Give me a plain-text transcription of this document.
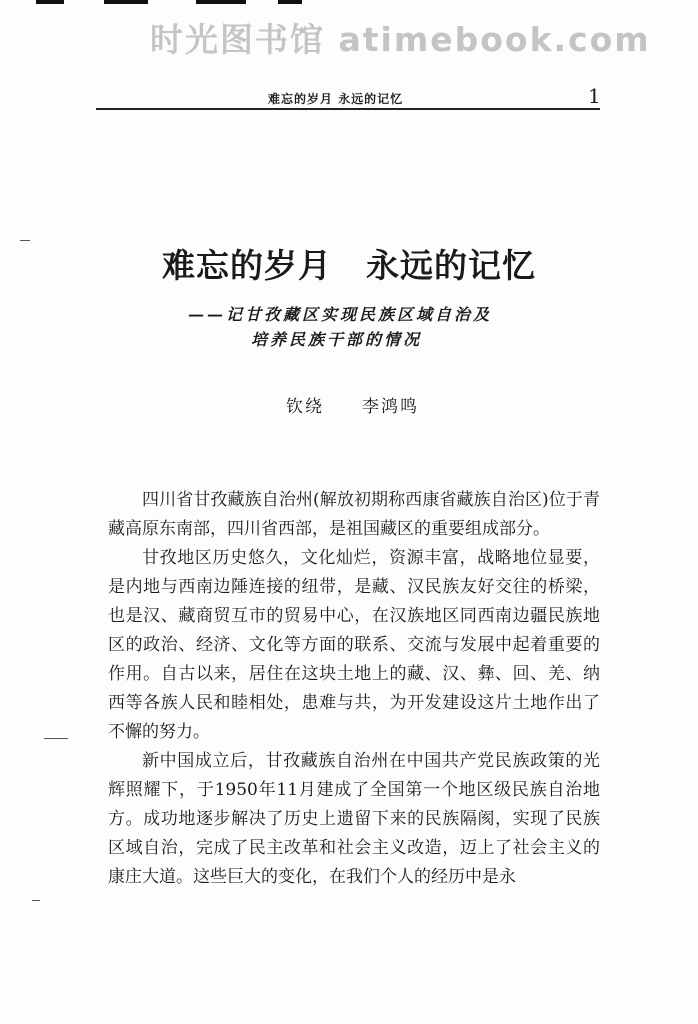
时光图书馆 atimebook.com
难忘的岁月 永远的记忆	1
难忘的岁月　永远的记忆
——记甘孜藏区实现民族区域自治及
培养民族干部的情况
钦绕　　李鸿鸣

四川省甘孜藏族自治州(解放初期称西康省藏族自治区)位于青藏高原东南部，四川省西部，是祖国藏区的重要组成部分。

甘孜地区历史悠久，文化灿烂，资源丰富，战略地位显要，是内地与西南边陲连接的纽带，是藏、汉民族友好交往的桥梁，也是汉、藏商贸互市的贸易中心，在汉族地区同西南边疆民族地区的政治、经济、文化等方面的联系、交流与发展中起着重要的作用。自古以来，居住在这块土地上的藏、汉、彝、回、羌、纳西等各族人民和睦相处，患难与共，为开发建设这片土地作出了不懈的努力。

新中国成立后，甘孜藏族自治州在中国共产党民族政策的光辉照耀下，于1950年11月建成了全国第一个地区级民族自治地方。成功地逐步解决了历史上遗留下来的民族隔阂，实现了民族区域自治，完成了民主改革和社会主义改造，迈上了社会主义的康庄大道。这些巨大的变化，在我们个人的经历中是永
